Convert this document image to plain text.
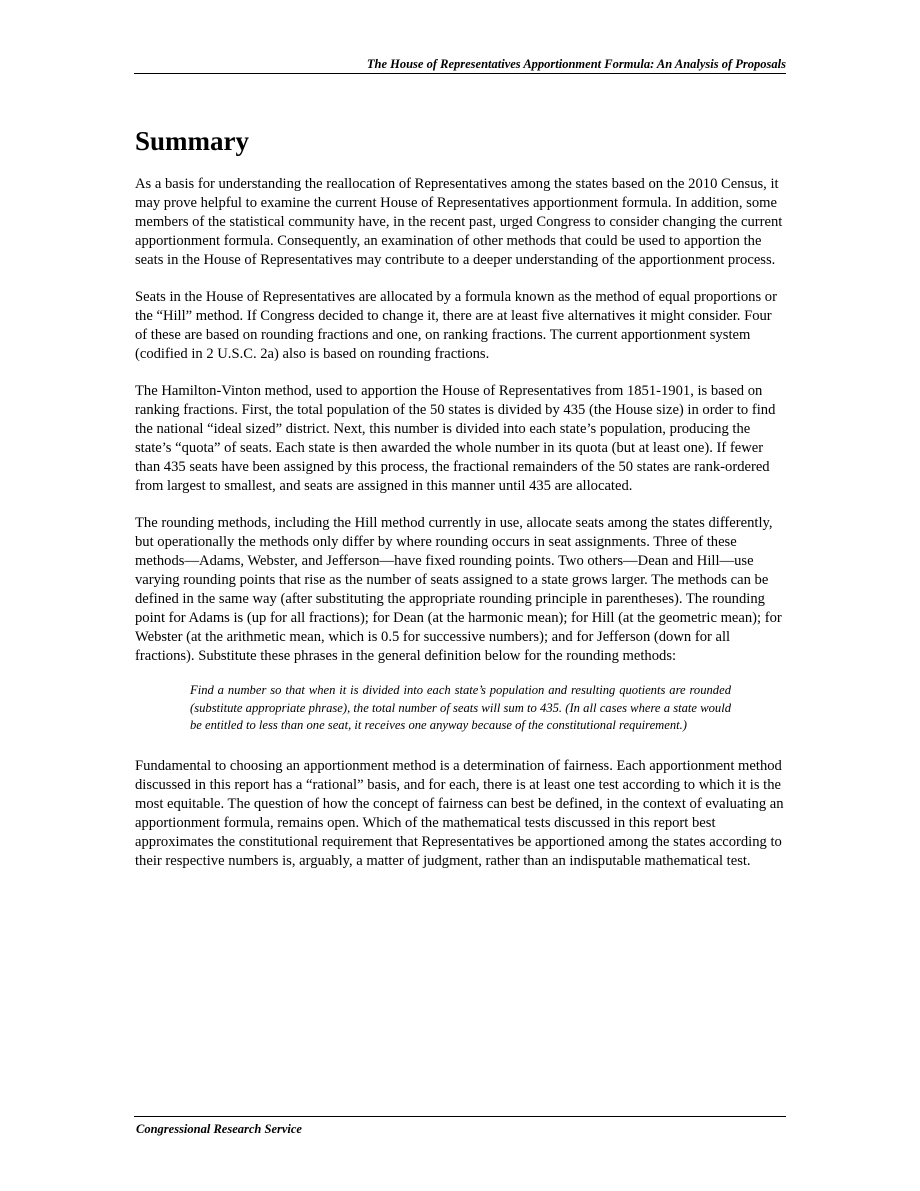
The House of Representatives Apportionment Formula: An Analysis of Proposals
Summary

As a basis for understanding the reallocation of Representatives among the states based on the 2010 Census, it may prove helpful to examine the current House of Representatives apportionment formula. In addition, some members of the statistical community have, in the recent past, urged Congress to consider changing the current apportionment formula. Consequently, an examination of other methods that could be used to apportion the seats in the House of Representatives may contribute to a deeper understanding of the apportionment process.

Seats in the House of Representatives are allocated by a formula known as the method of equal proportions or the “Hill” method. If Congress decided to change it, there are at least five alternatives it might consider. Four of these are based on rounding fractions and one, on ranking fractions. The current apportionment system (codified in 2 U.S.C. 2a) also is based on rounding fractions.

The Hamilton-Vinton method, used to apportion the House of Representatives from 1851-1901, is based on ranking fractions. First, the total population of the 50 states is divided by 435 (the House size) in order to find the national “ideal sized” district. Next, this number is divided into each state’s population, producing the state’s “quota” of seats. Each state is then awarded the whole number in its quota (but at least one). If fewer than 435 seats have been assigned by this process, the fractional remainders of the 50 states are rank-ordered from largest to smallest, and seats are assigned in this manner until 435 are allocated.

The rounding methods, including the Hill method currently in use, allocate seats among the states differently, but operationally the methods only differ by where rounding occurs in seat assignments. Three of these methods—Adams, Webster, and Jefferson—have fixed rounding points. Two others—Dean and Hill—use varying rounding points that rise as the number of seats assigned to a state grows larger. The methods can be defined in the same way (after substituting the appropriate rounding principle in parentheses). The rounding point for Adams is (up for all fractions); for Dean (at the harmonic mean); for Hill (at the geometric mean); for Webster (at the arithmetic mean, which is 0.5 for successive numbers); and for Jefferson (down for all fractions). Substitute these phrases in the general definition below for the rounding methods:

Find a number so that when it is divided into each state’s population and resulting quotients are rounded (substitute appropriate phrase), the total number of seats will sum to 435. (In all cases where a state would be entitled to less than one seat, it receives one anyway because of the constitutional requirement.)

Fundamental to choosing an apportionment method is a determination of fairness. Each apportionment method discussed in this report has a “rational” basis, and for each, there is at least one test according to which it is the most equitable. The question of how the concept of fairness can best be defined, in the context of evaluating an apportionment formula, remains open. Which of the mathematical tests discussed in this report best approximates the constitutional requirement that Representatives be apportioned among the states according to their respective numbers is, arguably, a matter of judgment, rather than an indisputable mathematical test.

Congressional Research Service
